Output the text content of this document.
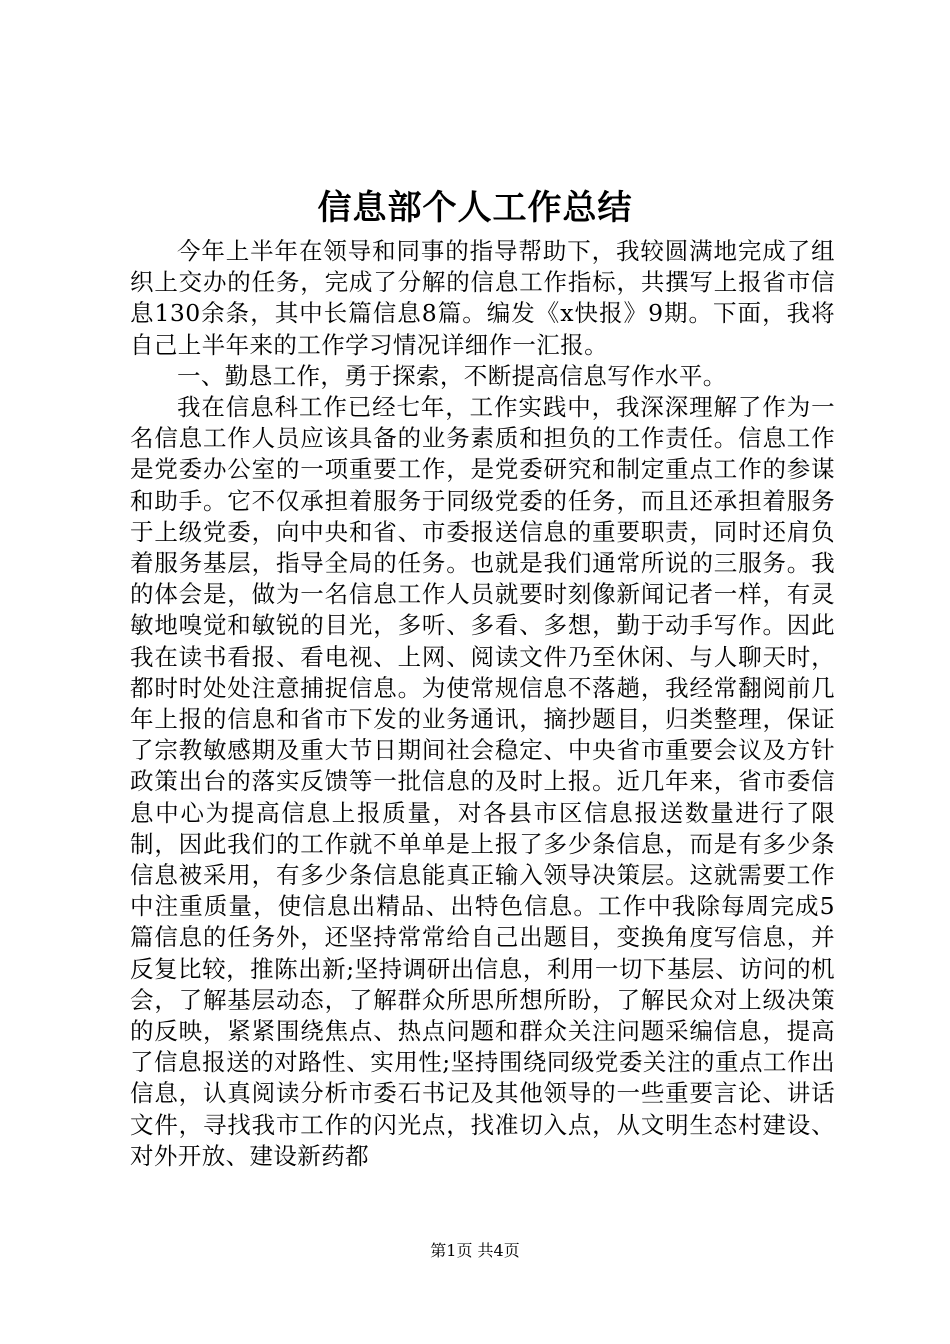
信息部个人工作总结

今年上半年在领导和同事的指导帮助下，我较圆满地完成了组织上交办的任务，完成了分解的信息工作指标，共撰写上报省市信息130余条，其中长篇信息8篇。编发《x快报》9期。下面，我将自己上半年来的工作学习情况详细作一汇报。

一、勤恳工作，勇于探索，不断提高信息写作水平。

我在信息科工作已经七年，工作实践中，我深深理解了作为一名信息工作人员应该具备的业务素质和担负的工作责任。信息工作是党委办公室的一项重要工作，是党委研究和制定重点工作的参谋和助手。它不仅承担着服务于同级党委的任务，而且还承担着服务于上级党委，向中央和省、市委报送信息的重要职责，同时还肩负着服务基层，指导全局的任务。也就是我们通常所说的三服务。我的体会是，做为一名信息工作人员就要时刻像新闻记者一样，有灵敏地嗅觉和敏锐的目光，多听、多看、多想，勤于动手写作。因此我在读书看报、看电视、上网、阅读文件乃至休闲、与人聊天时，都时时处处注意捕捉信息。为使常规信息不落趟，我经常翻阅前几年上报的信息和省市下发的业务通讯，摘抄题目，归类整理，保证了宗教敏感期及重大节日期间社会稳定、中央省市重要会议及方针政策出台的落实反馈等一批信息的及时上报。近几年来，省市委信息中心为提高信息上报质量，对各县市区信息报送数量进行了限制，因此我们的工作就不单单是上报了多少条信息，而是有多少条信息被采用，有多少条信息能真正输入领导决策层。这就需要工作中注重质量，使信息出精品、出特色信息。工作中我除每周完成5篇信息的任务外，还坚持常常给自己出题目，变换角度写信息，并反复比较，推陈出新;坚持调研出信息，利用一切下基层、访问的机会，了解基层动态，了解群众所思所想所盼，了解民众对上级决策的反映，紧紧围绕焦点、热点问题和群众关注问题采编信息，提高了信息报送的对路性、实用性;坚持围绕同级党委关注的重点工作出信息，认真阅读分析市委石书记及其他领导的一些重要言论、讲话文件，寻找我市工作的闪光点，找准切入点，从文明生态村建设、对外开放、建设新药都

第1页 共4页
